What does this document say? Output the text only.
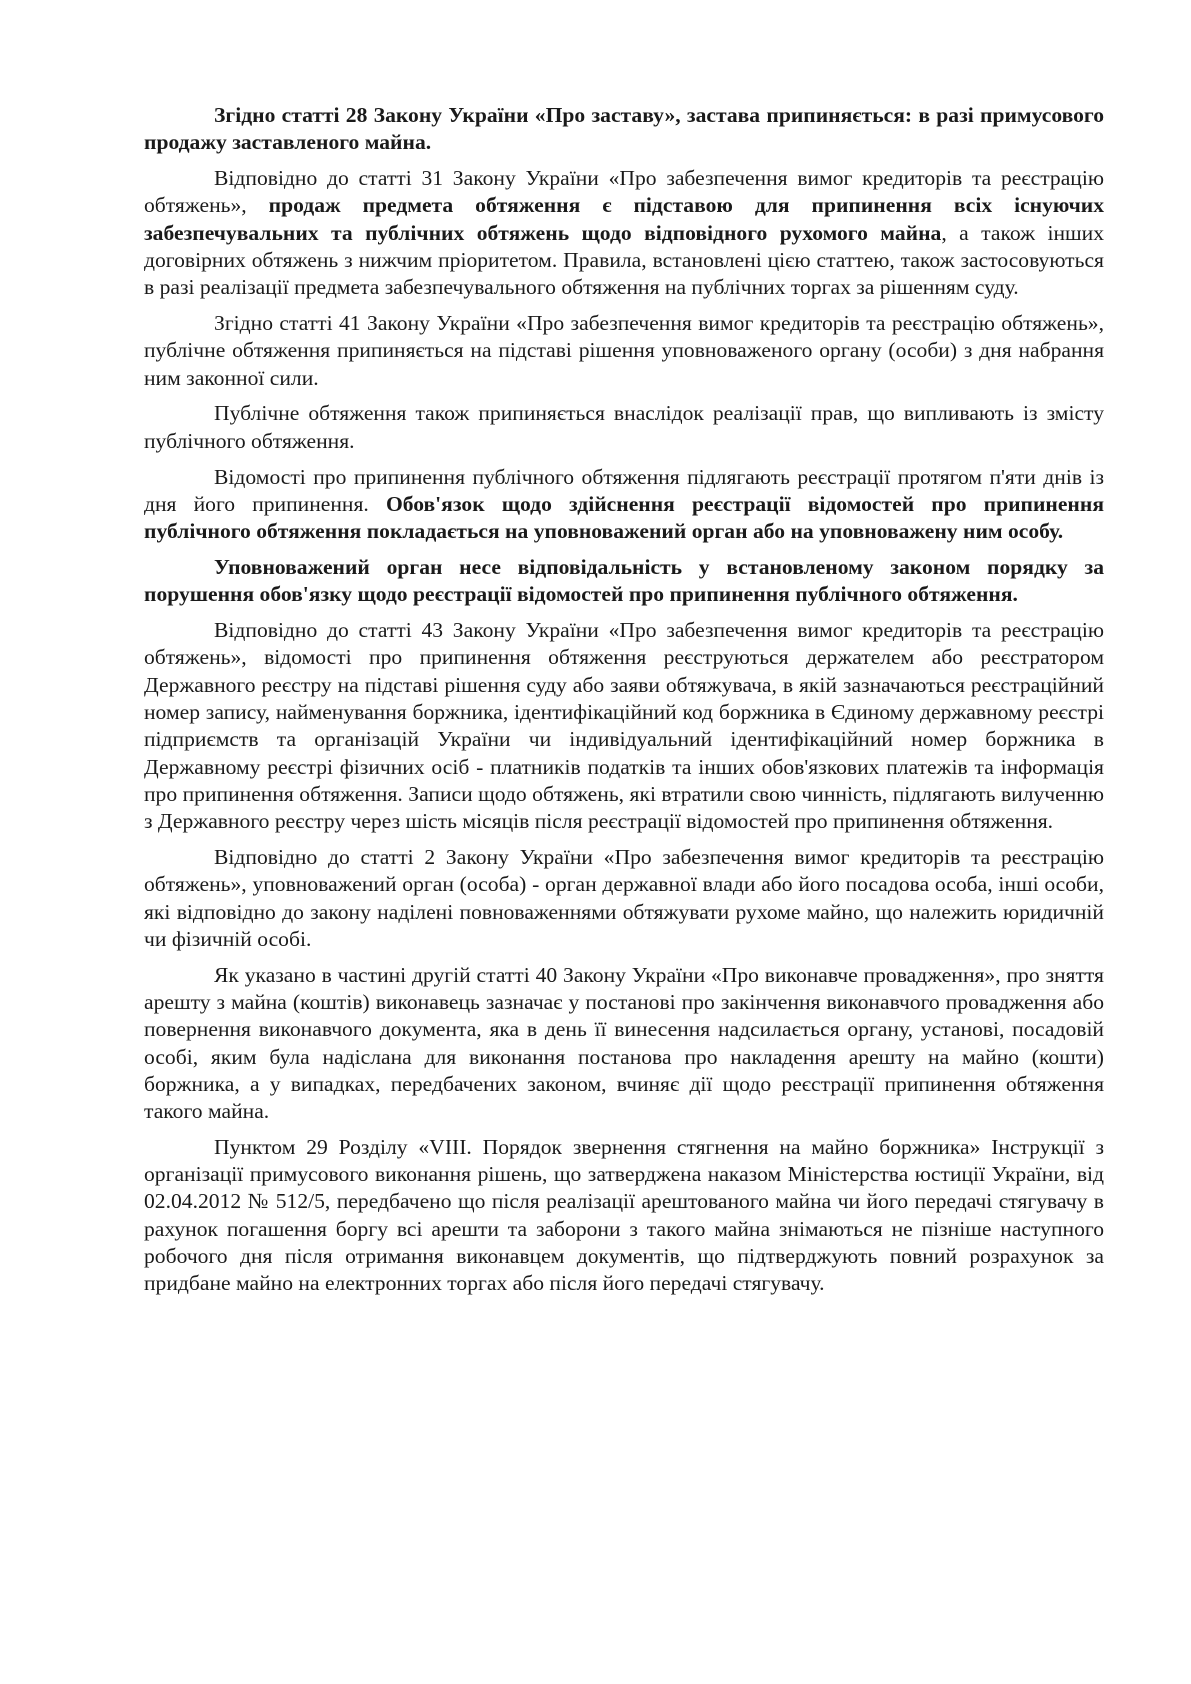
Згідно статті 28 Закону України «Про заставу», застава припиняється: в разі примусового продажу заставленого майна.

Відповідно до статті 31 Закону України «Про забезпечення вимог кредиторів та реєстрацію обтяжень», продаж предмета обтяження є підставою для припинення всіх існуючих забезпечувальних та публічних обтяжень щодо відповідного рухомого майна, а також інших договірних обтяжень з нижчим пріоритетом. Правила, встановлені цією статтею, також застосовуються в разі реалізації предмета забезпечувального обтяження на публічних торгах за рішенням суду.

Згідно статті 41 Закону України «Про забезпечення вимог кредиторів та реєстрацію обтяжень», публічне обтяження припиняється на підставі рішення уповноваженого органу (особи) з дня набрання ним законної сили.

Публічне обтяження також припиняється внаслідок реалізації прав, що випливають із змісту публічного обтяження.

Відомості про припинення публічного обтяження підлягають реєстрації протягом п'яти днів із дня його припинення. Обов'язок щодо здійснення реєстрації відомостей про припинення публічного обтяження покладається на уповноважений орган або на уповноважену ним особу.

Уповноважений орган несе відповідальність у встановленому законом порядку за порушення обов'язку щодо реєстрації відомостей про припинення публічного обтяження.

Відповідно до статті 43 Закону України «Про забезпечення вимог кредиторів та реєстрацію обтяжень», відомості про припинення обтяження реєструються держателем або реєстратором Державного реєстру на підставі рішення суду або заяви обтяжувача, в якій зазначаються реєстраційний номер запису, найменування боржника, ідентифікаційний код боржника в Єдиному державному реєстрі підприємств та організацій України чи індивідуальний ідентифікаційний номер боржника в Державному реєстрі фізичних осіб - платників податків та інших обов'язкових платежів та інформація про припинення обтяження. Записи щодо обтяжень, які втратили свою чинність, підлягають вилученню з Державного реєстру через шість місяців після реєстрації відомостей про припинення обтяження.

Відповідно до статті 2 Закону України «Про забезпечення вимог кредиторів та реєстрацію обтяжень», уповноважений орган (особа) - орган державної влади або його посадова особа, інші особи, які відповідно до закону наділені повноваженнями обтяжувати рухоме майно, що належить юридичній чи фізичній особі.

Як указано в частині другій статті 40 Закону України «Про виконавче провадження», про зняття арешту з майна (коштів) виконавець зазначає у постанові про закінчення виконавчого провадження або повернення виконавчого документа, яка в день її винесення надсилається органу, установі, посадовій особі, яким була надіслана для виконання постанова про накладення арешту на майно (кошти) боржника, а у випадках, передбачених законом, вчиняє дії щодо реєстрації припинення обтяження такого майна.

Пунктом 29 Розділу «VIII. Порядок звернення стягнення на майно боржника» Інструкції з організації примусового виконання рішень, що затверджена наказом Міністерства юстиції України, від 02.04.2012 № 512/5, передбачено що після реалізації арештованого майна чи його передачі стягувачу в рахунок погашення боргу всі арешти та заборони з такого майна знімаються не пізніше наступного робочого дня після отримання виконавцем документів, що підтверджують повний розрахунок за придбане майно на електронних торгах або після його передачі стягувачу.
